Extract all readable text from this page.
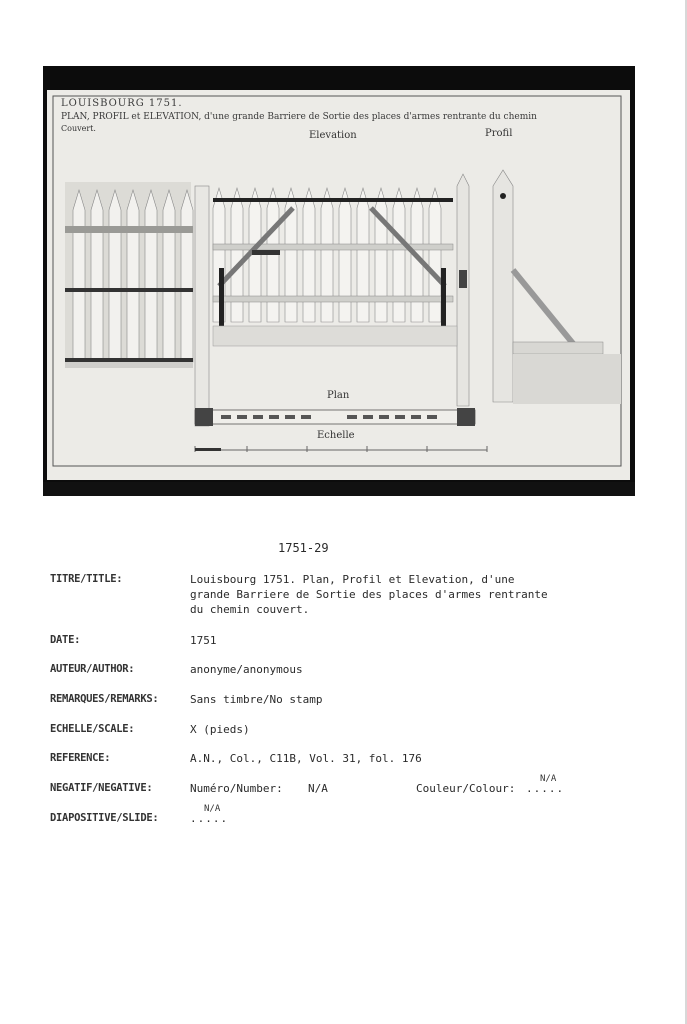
LOUISBOURG 1751.
PLAN, PROFIL et ELEVATION, d'une grande Barriere de Sortie des places d'armes rentrante du chemin
Couvert.
Elevation	Profil
Plan
Echelle
1751-29
TITRE/TITLE:	Louisbourg 1751. Plan, Profil et Elevation, d'une
grande Barriere de Sortie des places d'armes rentrante
du chemin couvert.
DATE:	1751
AUTEUR/AUTHOR:	anonyme/anonymous
REMARQUES/REMARKS:	Sans timbre/No stamp
ECHELLE/SCALE:	X (pieds)
REFERENCE:	A.N., Col., C11B, Vol. 31, fol. 176
NEGATIF/NEGATIVE:	Numéro/Number:	N/A	Couleur/Colour:
N/A
.....
DIAPOSITIVE/SLIDE:
N/A
.....
